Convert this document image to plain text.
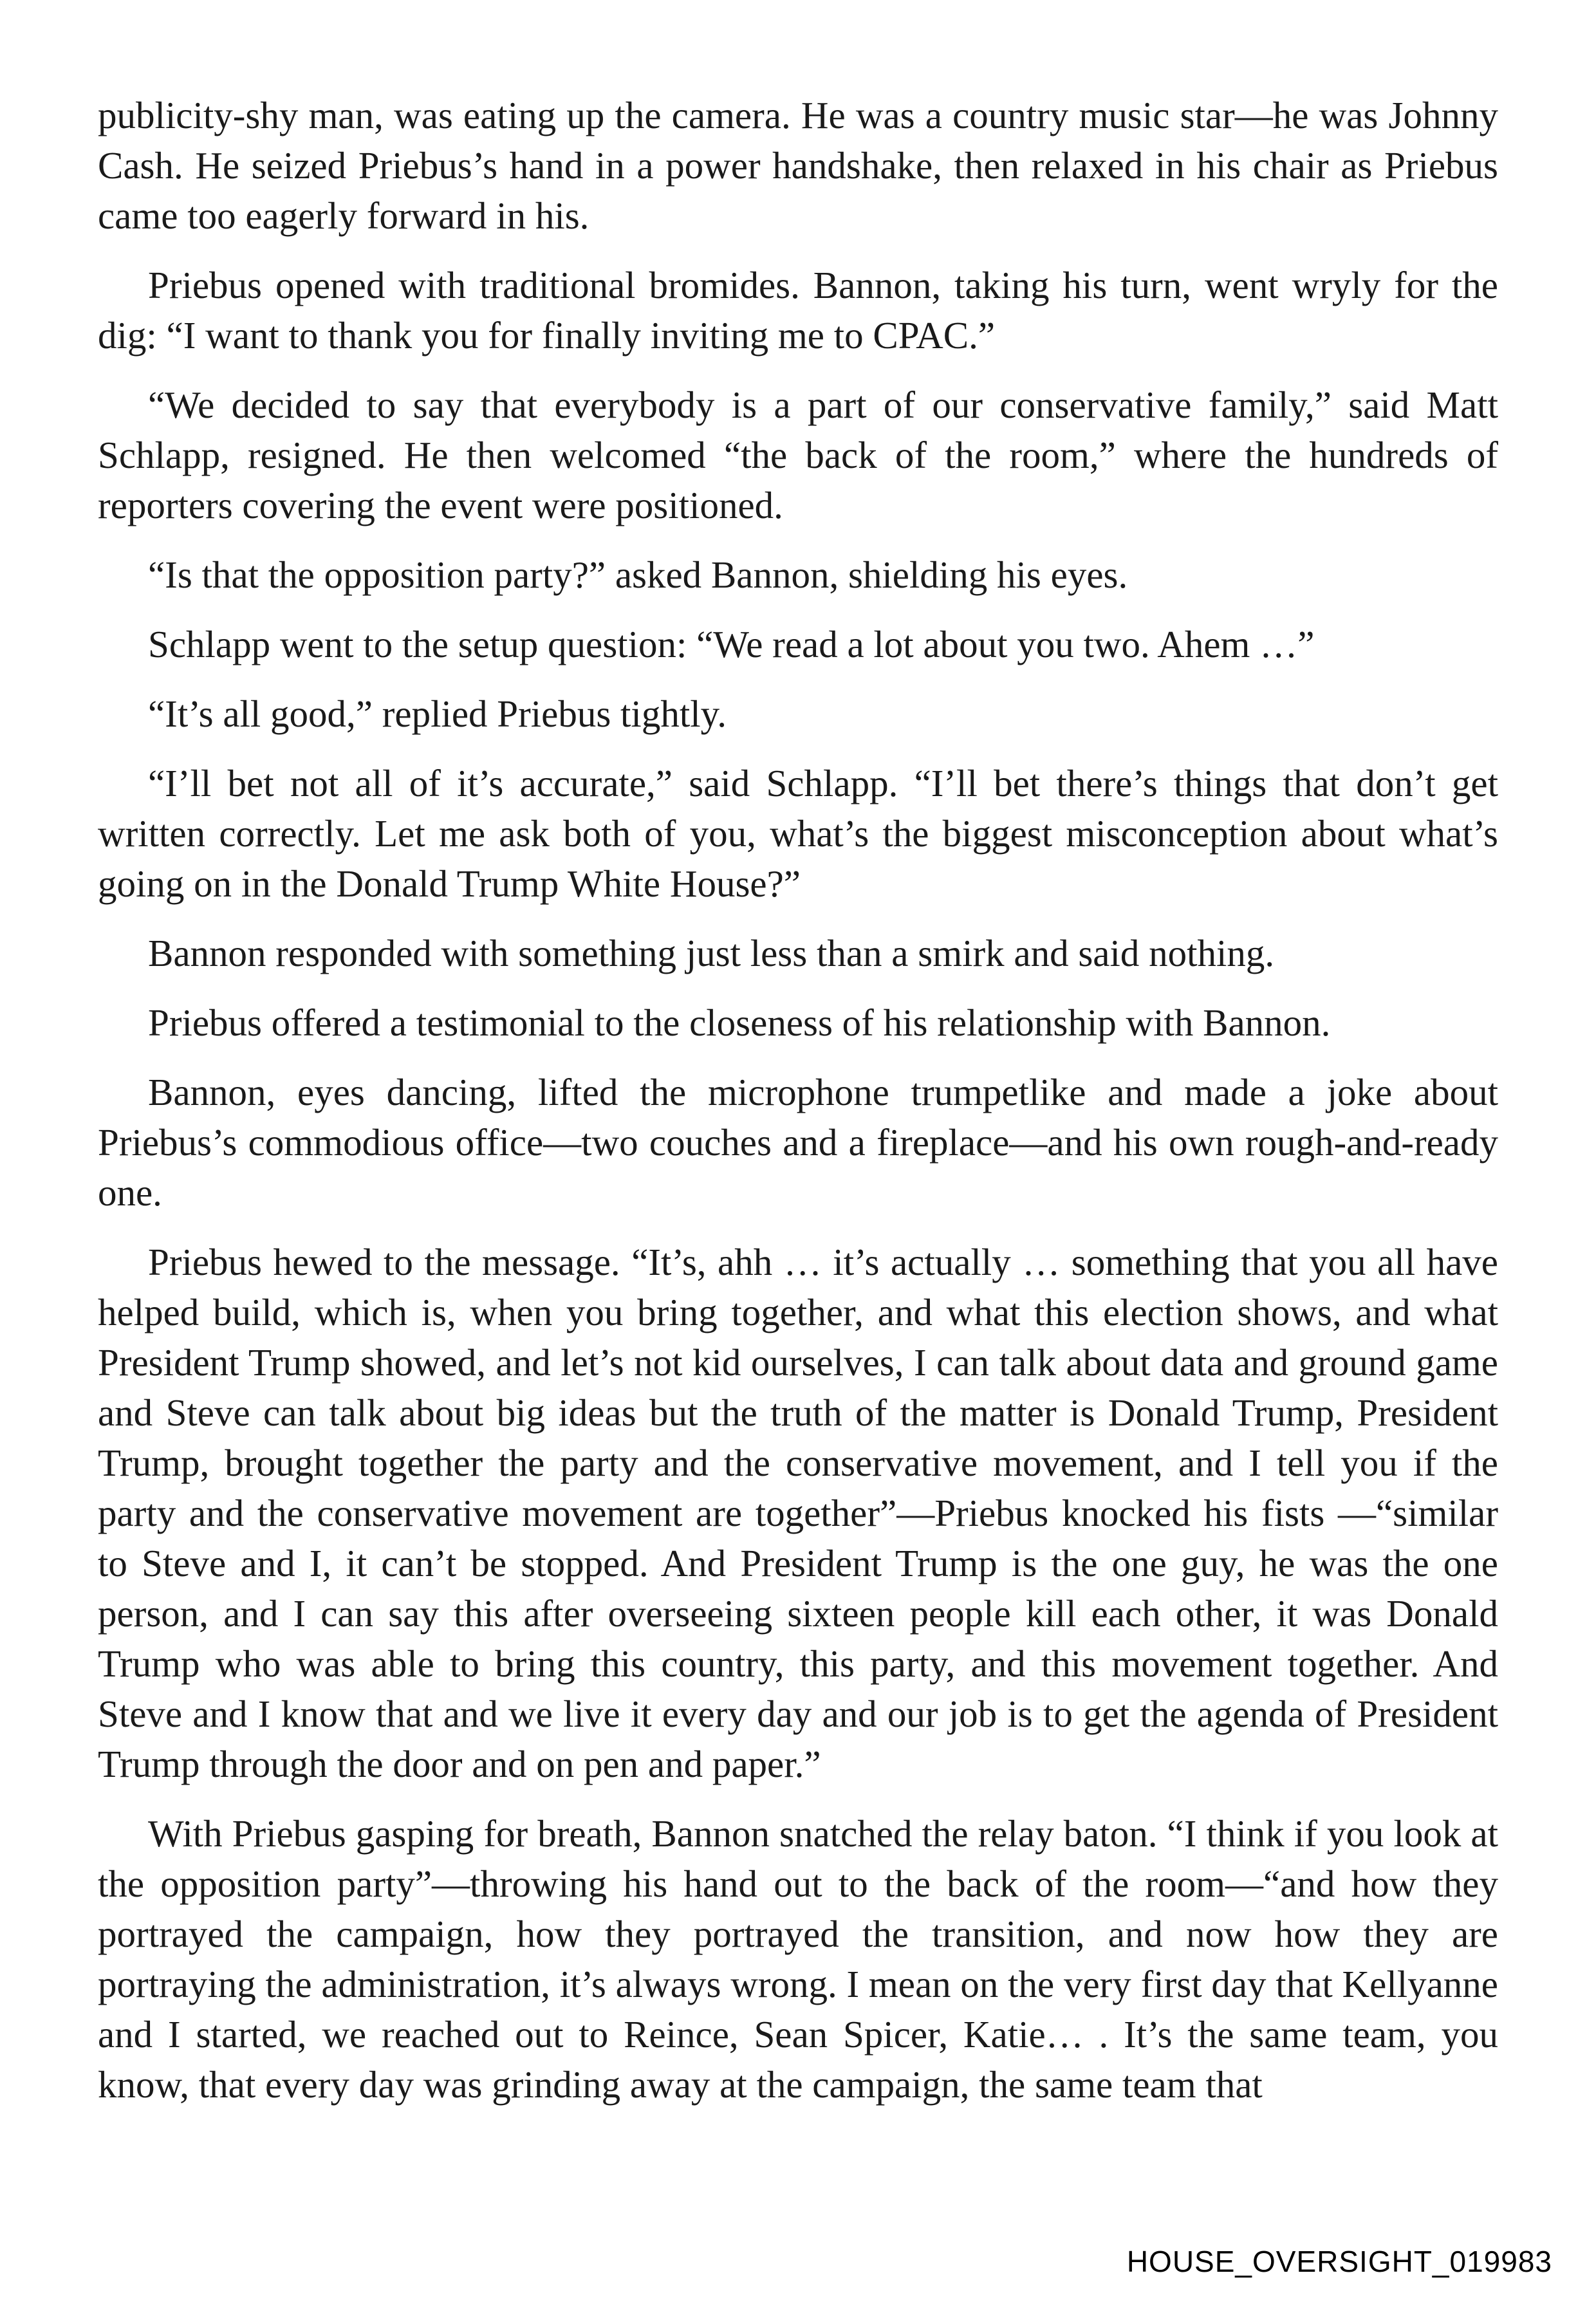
publicity-shy man, was eating up the camera. He was a country music star—he was Johnny Cash. He seized Priebus’s hand in a power handshake, then relaxed in his chair as Priebus came too eagerly forward in his.

Priebus opened with traditional bromides. Bannon, taking his turn, went wryly for the dig: “I want to thank you for finally inviting me to CPAC.”

“We decided to say that everybody is a part of our conservative family,” said Matt Schlapp, resigned. He then welcomed “the back of the room,” where the hundreds of reporters covering the event were positioned.

“Is that the opposition party?” asked Bannon, shielding his eyes.

Schlapp went to the setup question: “We read a lot about you two. Ahem …”

“It’s all good,” replied Priebus tightly.

“I’ll bet not all of it’s accurate,” said Schlapp. “I’ll bet there’s things that don’t get written correctly. Let me ask both of you, what’s the biggest misconception about what’s going on in the Donald Trump White House?”

Bannon responded with something just less than a smirk and said nothing.

Priebus offered a testimonial to the closeness of his relationship with Bannon.

Bannon, eyes dancing, lifted the microphone trumpetlike and made a joke about Priebus’s commodious office—two couches and a fireplace—and his own rough-and-ready one.

Priebus hewed to the message. “It’s, ahh … it’s actually … something that you all have helped build, which is, when you bring together, and what this election shows, and what President Trump showed, and let’s not kid ourselves, I can talk about data and ground game and Steve can talk about big ideas but the truth of the matter is Donald Trump, President Trump, brought together the party and the conservative movement, and I tell you if the party and the conservative movement are together”—Priebus knocked his fists —“similar to Steve and I, it can’t be stopped. And President Trump is the one guy, he was the one person, and I can say this after overseeing sixteen people kill each other, it was Donald Trump who was able to bring this country, this party, and this movement together. And Steve and I know that and we live it every day and our job is to get the agenda of President Trump through the door and on pen and paper.”

With Priebus gasping for breath, Bannon snatched the relay baton. “I think if you look at the opposition party”—throwing his hand out to the back of the room—“and how they portrayed the campaign, how they portrayed the transition, and now how they are portraying the administration, it’s always wrong. I mean on the very first day that Kellyanne and I started, we reached out to Reince, Sean Spicer, Katie… . It’s the same team, you know, that every day was grinding away at the campaign, the same team that

HOUSE_OVERSIGHT_019983
